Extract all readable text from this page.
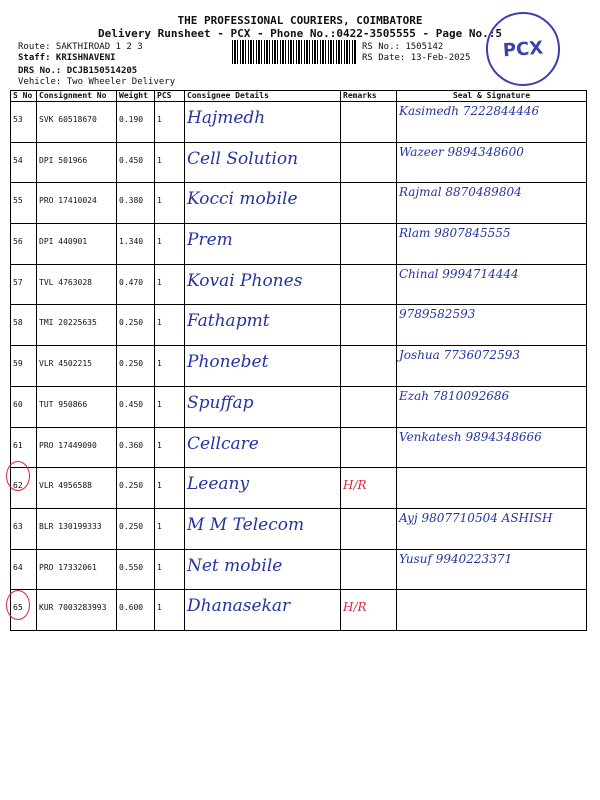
THE PROFESSIONAL COURIERS, COIMBATORE
Delivery Runsheet - PCX - Phone No.:0422-3505555 - Page No.:5
Route: SAKTHIROAD 1 2 3
Staff: KRISHNAVENI
DRS No.: DCJB150514205
Vehicle: Two Wheeler Delivery
RS No.: 1505142
RS Date: 13-Feb-2025	PCX
S No	Consignment No	Weight	PCS	Consignee Details	Remarks	Seal & Signature
53	SVK 60518670	0.190	1	Hajmedh		Kasimedh 7222844446
54	DPI 501966	0.450	1	Cell Solution		Wazeer 9894348600
55	PRO 17410024	0.380	1	Kocci mobile		Rajmal 8870489804
56	DPI 440901	1.340	1	Prem		Rlam 9807845555
57	TVL 4763028	0.470	1	Kovai Phones		Chinal 9994714444
58	TMI 20225635	0.250	1	Fathapmt		9789582593
59	VLR 4502215	0.250	1	Phonebet		Joshua 7736072593
60	TUT 950866	0.450	1	Spuffap		Ezah 7810092686
61	PRO 17449090	0.360	1	Cellcare		Venkatesh 9894348666
62	VLR 4956588	0.250	1	Leeany	H/R	
63	BLR 130199333	0.250	1	M M Telecom		Ayj 9807710504 ASHISH
64	PRO 17332061	0.550	1	Net mobile		Yusuf 9940223371
65	KUR 7003283993	0.600	1	Dhanasekar	H/R	
